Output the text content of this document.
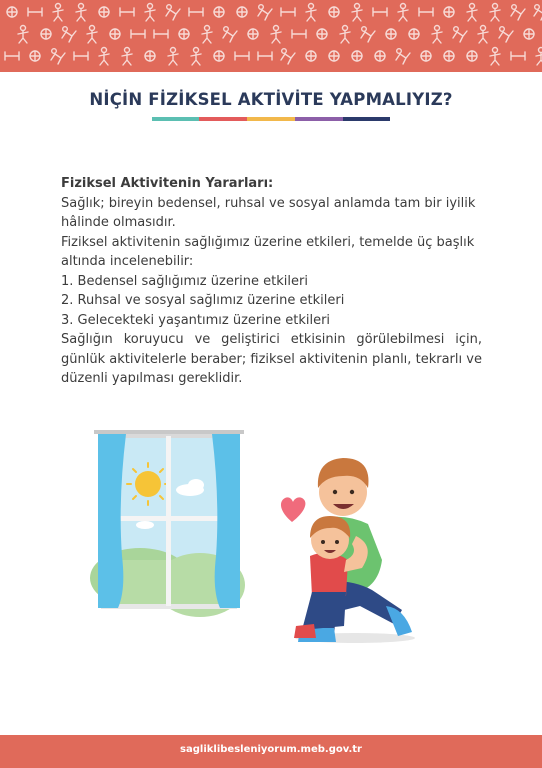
NİÇİN FİZİKSEL AKTİVİTE YAPMALIYIZ?

Fiziksel Aktivitenin Yararları:

Sağlık; bireyin bedensel, ruhsal ve sosyal anlamda tam bir iyilik hâlinde olmasıdır.

Fiziksel aktivitenin sağlığımız üzerine etkileri, temelde üç başlık altında incelenebilir:

1. Bedensel sağlığımız üzerine etkileri

2. Ruhsal ve sosyal sağlımız üzerine etkileri

3. Gelecekteki yaşantımız üzerine etkileri

Sağlığın koruyucu ve geliştirici etkisinin görülebilmesi için, günlük aktivitelerle beraber; fiziksel aktivitenin planlı, tekrarlı ve düzenli yapılması gereklidir.

sagliklibesleniyorum.meb.gov.tr
